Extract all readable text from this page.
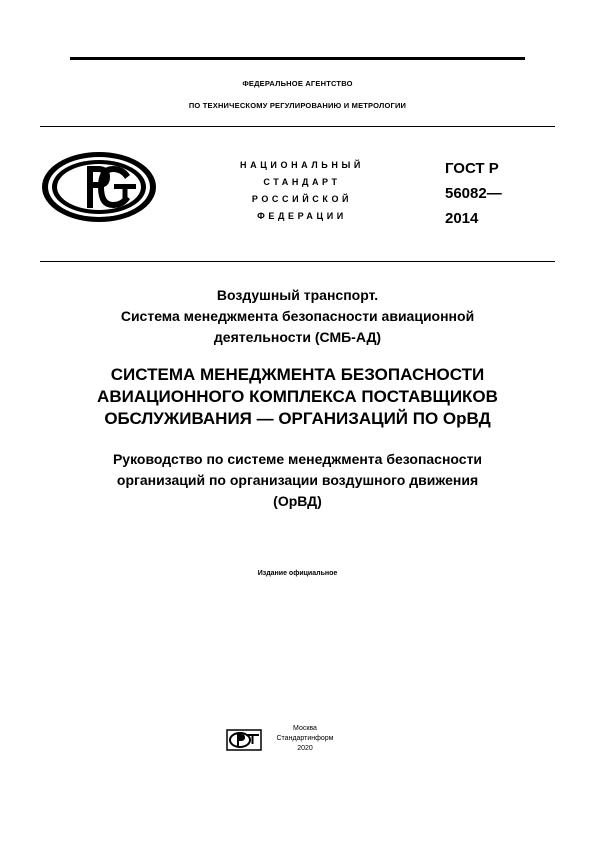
ФЕДЕРАЛЬНОЕ АГЕНТСТВО
ПО ТЕХНИЧЕСКОМУ РЕГУЛИРОВАНИЮ И МЕТРОЛОГИИ
НАЦИОНАЛЬНЫЙ
СТАНДАРТ
РОССИЙСКОЙ
ФЕДЕРАЦИИ
ГОСТ Р
56082—
2014
Воздушный транспорт.
Система менеджмента безопасности авиационной
деятельности (СМБ-АД)
СИСТЕМА МЕНЕДЖМЕНТА БЕЗОПАСНОСТИ
АВИАЦИОННОГО КОМПЛЕКСА ПОСТАВЩИКОВ
ОБСЛУЖИВАНИЯ — ОРГАНИЗАЦИЙ ПО ОрВД
Руководство по системе менеджмента безопасности
организаций по организации воздушного движения
(ОрВД)
Издание официальное
Москва
Стандартинформ
2020
